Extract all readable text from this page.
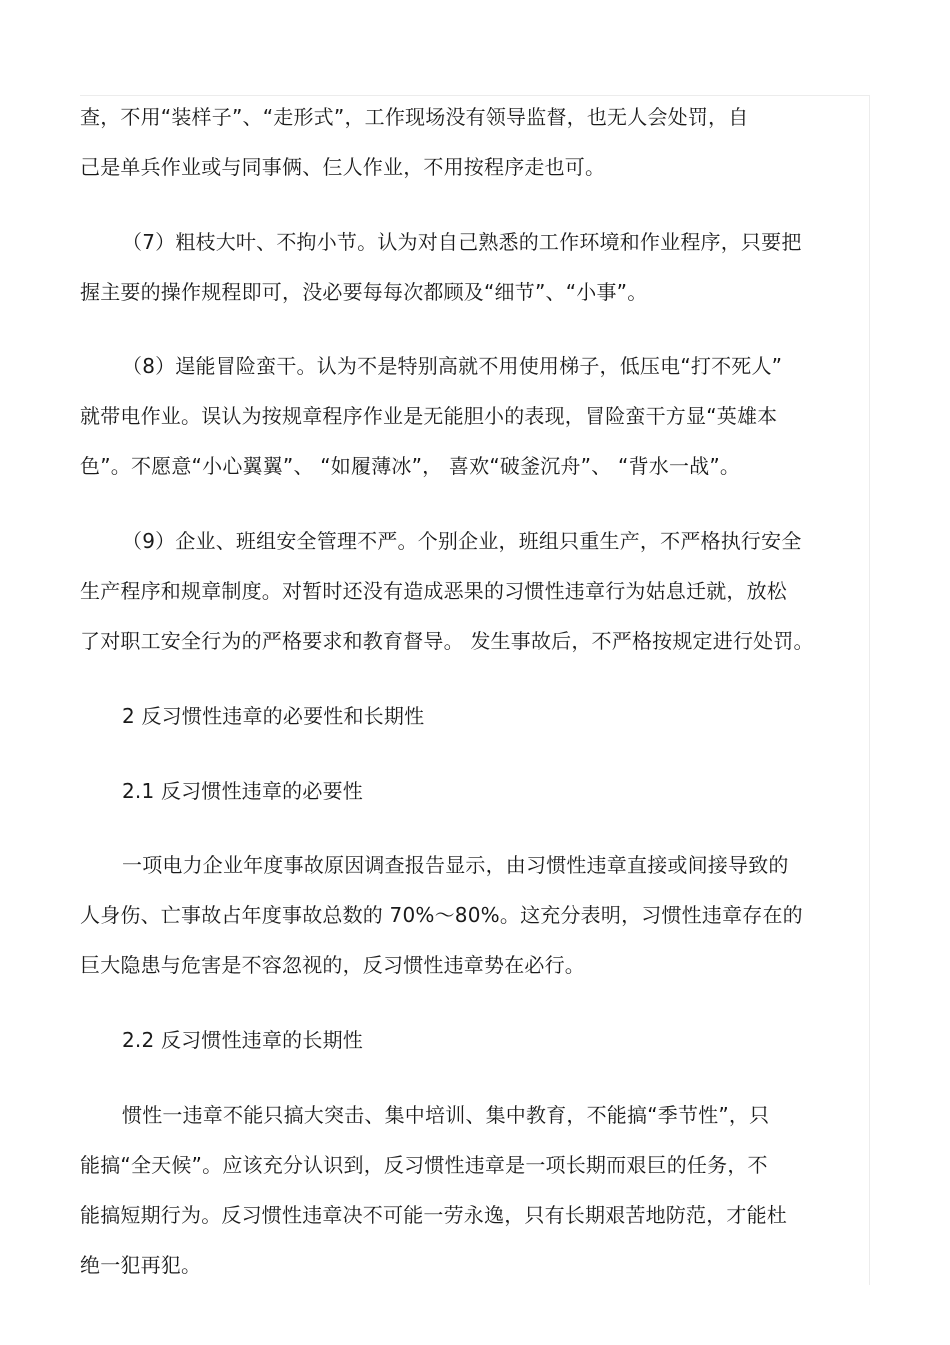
查，不用“装样子”、“走形式”，工作现场没有领导监督，也无人会处罚，自
己是单兵作业或与同事俩、仨人作业，不用按程序走也可。
（7）粗枝大叶、不拘小节。认为对自己熟悉的工作环境和作业程序，只要把
握主要的操作规程即可，没必要每每次都顾及“细节”、“小事”。
（8）逞能冒险蛮干。认为不是特别高就不用使用梯子，低压电“打不死人”
就带电作业。误认为按规章程序作业是无能胆小的表现，冒险蛮干方显“英雄本
色”。不愿意“小心翼翼”、 “如履薄冰”， 喜欢“破釜沉舟”、 “背水一战”。
（9）企业、班组安全管理不严。个别企业，班组只重生产，不严格执行安全
生产程序和规章制度。对暂时还没有造成恶果的习惯性违章行为姑息迁就，放松
了对职工安全行为的严格要求和教育督导。 发生事故后，不严格按规定进行处罚。
2 反习惯性违章的必要性和长期性
2.1 反习惯性违章的必要性
一项电力企业年度事故原因调查报告显示，由习惯性违章直接或间接导致的
人身伤、亡事故占年度事故总数的 70%～80%。这充分表明，习惯性违章存在的
巨大隐患与危害是不容忽视的，反习惯性违章势在必行。
2.2 反习惯性违章的长期性
惯性一违章不能只搞大突击、集中培训、集中教育，不能搞“季节性”，只
能搞“全天候”。应该充分认识到，反习惯性违章是一项长期而艰巨的任务，不
能搞短期行为。反习惯性违章决不可能一劳永逸，只有长期艰苦地防范，才能杜
绝一犯再犯。
